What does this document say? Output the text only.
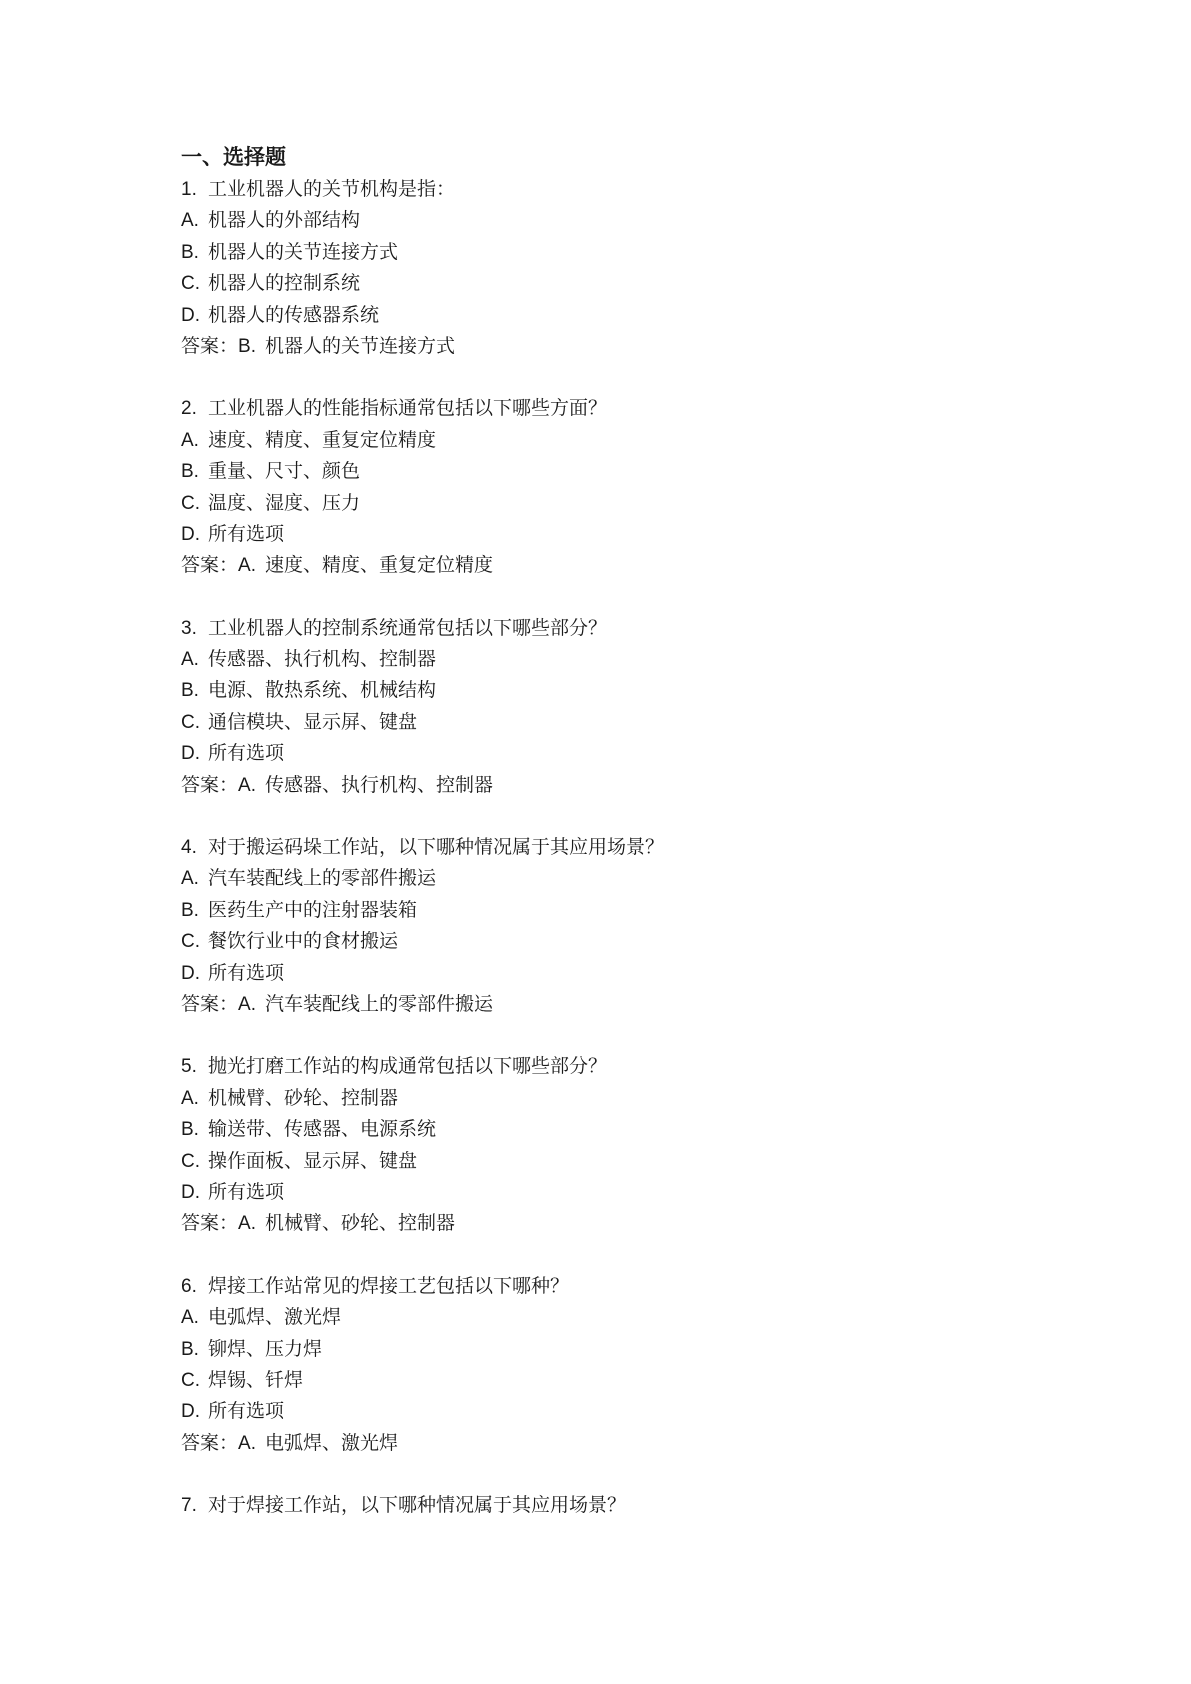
一、选择题

1. 工业机器人的关节机构是指：

A. 机器人的外部结构

B. 机器人的关节连接方式

C. 机器人的控制系统

D. 机器人的传感器系统

答案：B. 机器人的关节连接方式

2. 工业机器人的性能指标通常包括以下哪些方面？

A. 速度、精度、重复定位精度

B. 重量、尺寸、颜色

C. 温度、湿度、压力

D. 所有选项

答案：A. 速度、精度、重复定位精度

3. 工业机器人的控制系统通常包括以下哪些部分？

A. 传感器、执行机构、控制器

B. 电源、散热系统、机械结构

C. 通信模块、显示屏、键盘

D. 所有选项

答案：A. 传感器、执行机构、控制器

4. 对于搬运码垛工作站，以下哪种情况属于其应用场景？

A. 汽车装配线上的零部件搬运

B. 医药生产中的注射器装箱

C. 餐饮行业中的食材搬运

D. 所有选项

答案：A. 汽车装配线上的零部件搬运

5. 抛光打磨工作站的构成通常包括以下哪些部分？

A. 机械臂、砂轮、控制器

B. 输送带、传感器、电源系统

C. 操作面板、显示屏、键盘

D. 所有选项

答案：A. 机械臂、砂轮、控制器

6. 焊接工作站常见的焊接工艺包括以下哪种？

A. 电弧焊、激光焊

B. 铆焊、压力焊

C. 焊锡、钎焊

D. 所有选项

答案：A. 电弧焊、激光焊

7. 对于焊接工作站，以下哪种情况属于其应用场景？
